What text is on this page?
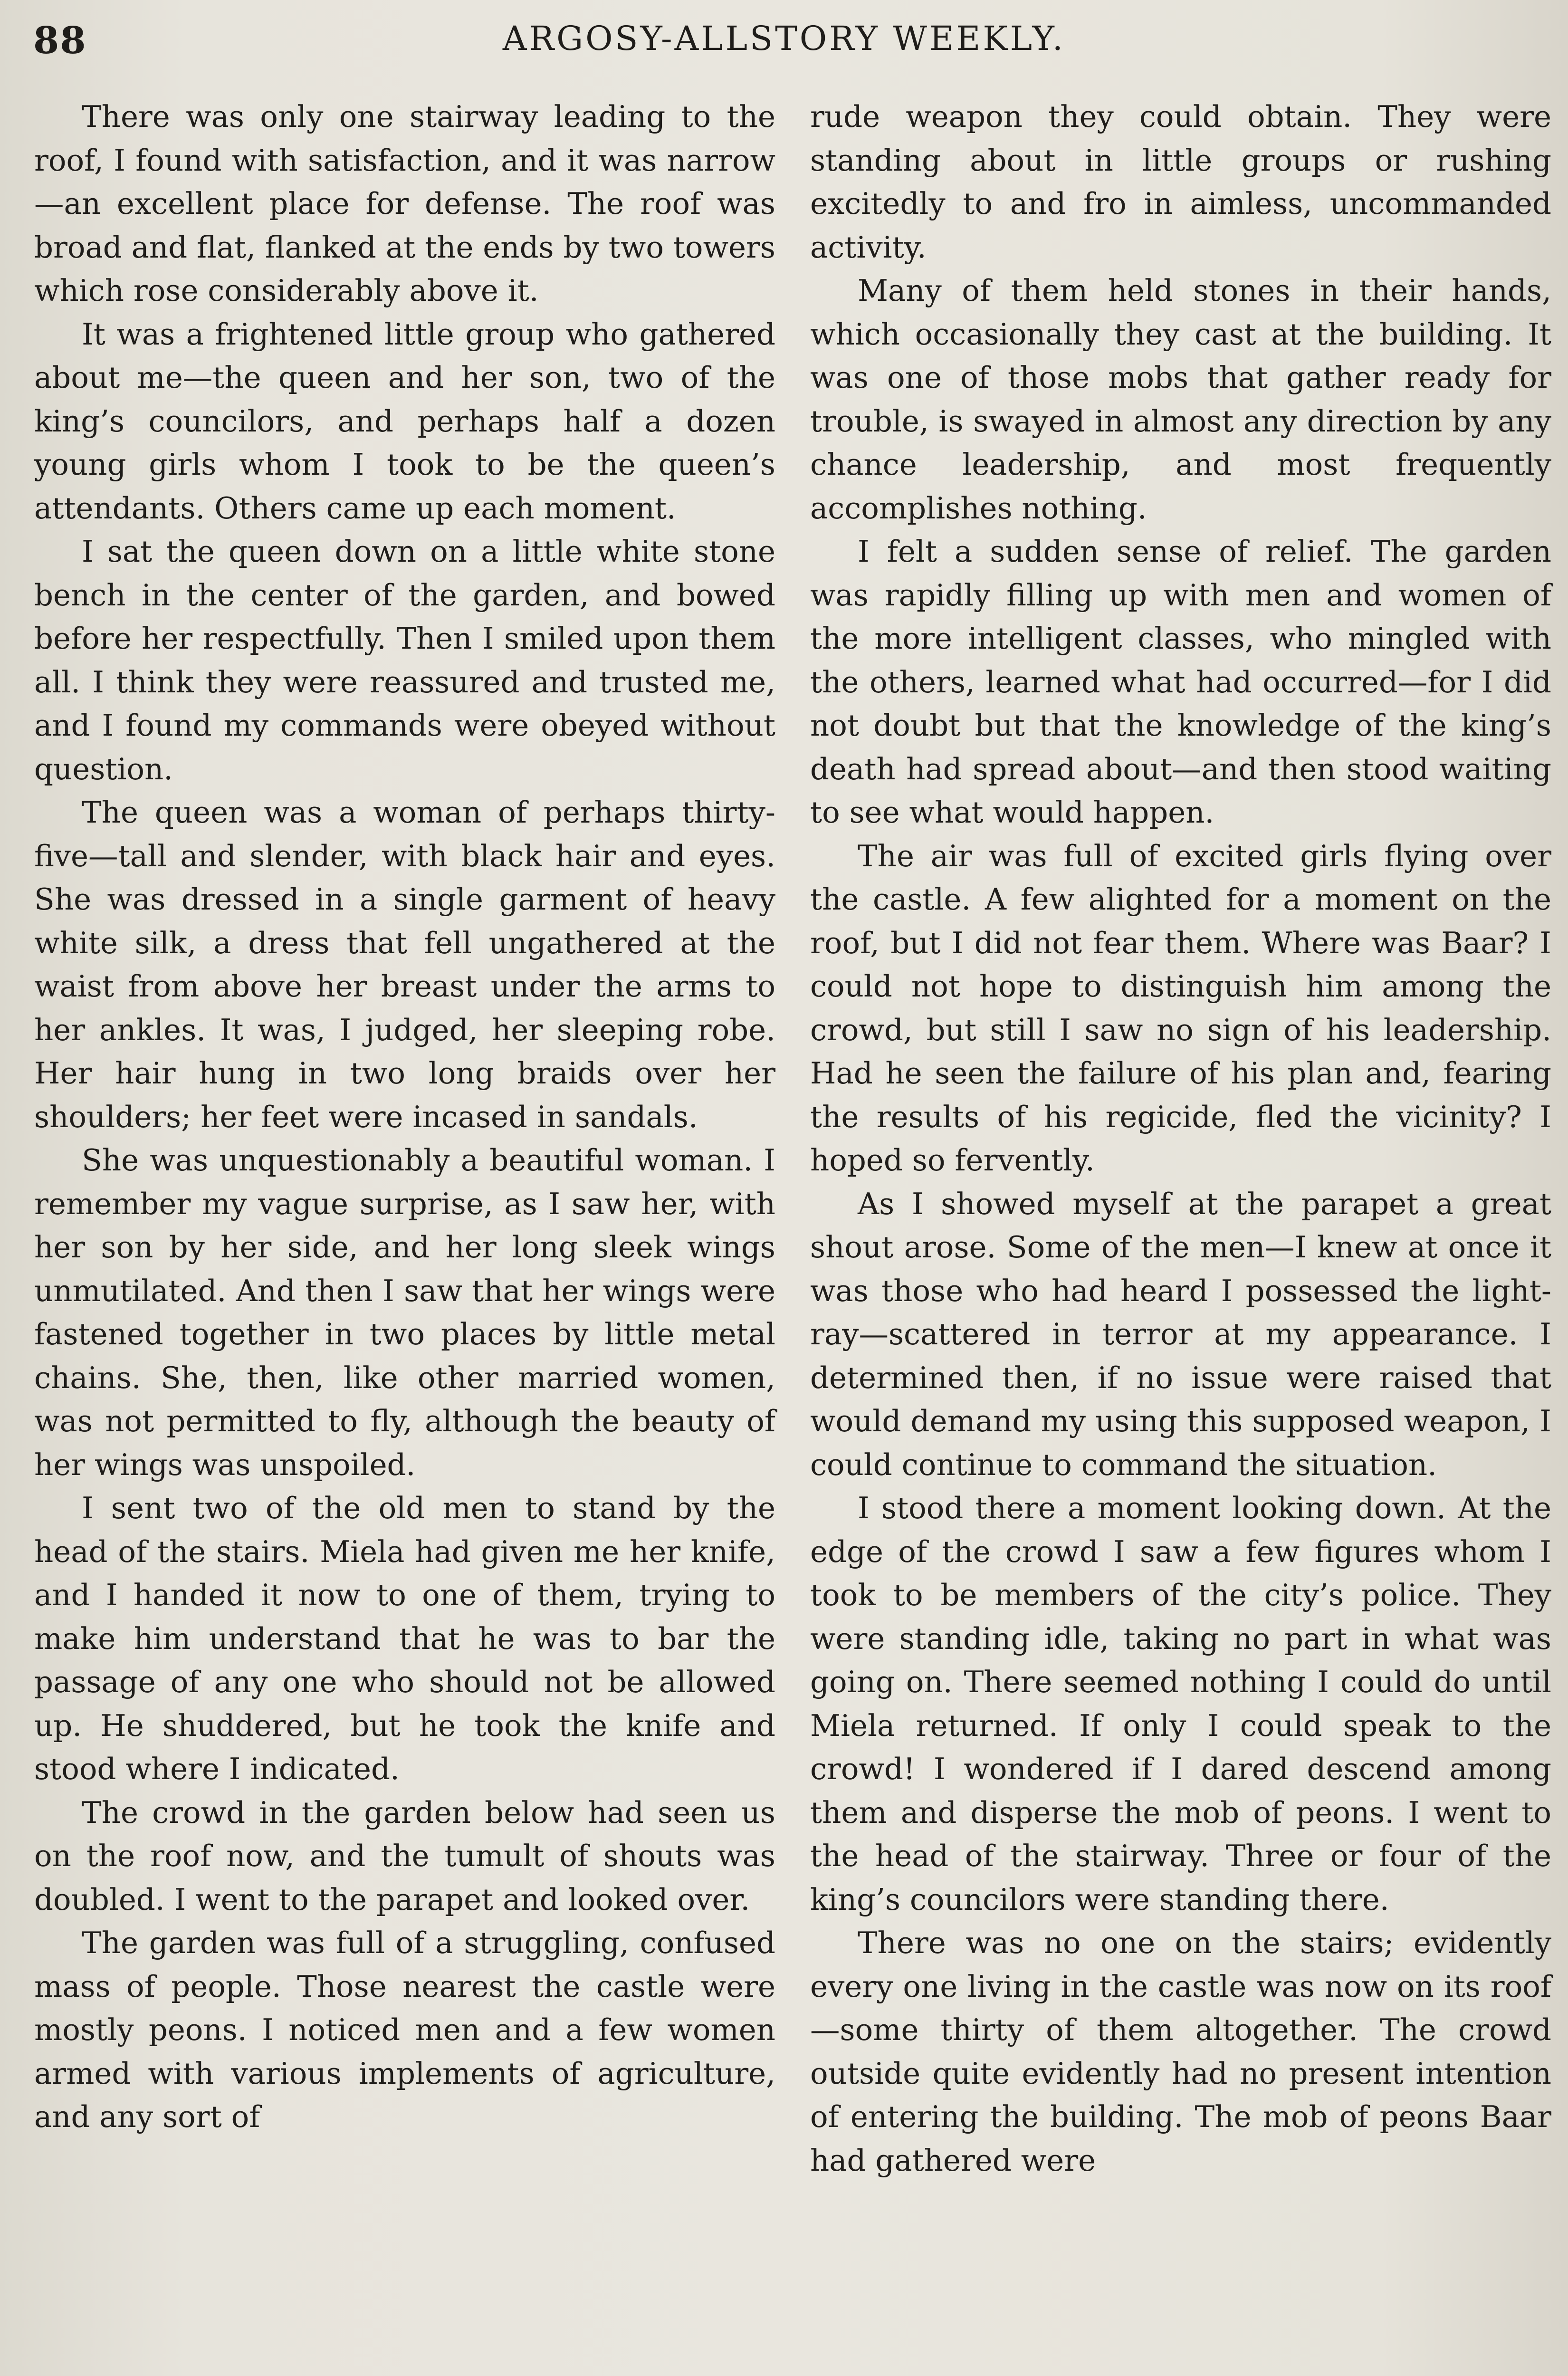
88	ARGOSY-ALLSTORY WEEKLY.

There was only one stairway leading to the roof, I found with satisfaction, and it was narrow—an excellent place for defense. The roof was broad and flat, flanked at the ends by two towers which rose considerably above it.

It was a frightened little group who gathered about me—the queen and her son, two of the king’s councilors, and perhaps half a dozen young girls whom I took to be the queen’s attendants. Others came up each moment.

I sat the queen down on a little white stone bench in the center of the garden, and bowed before her respectfully. Then I smiled upon them all. I think they were reassured and trusted me, and I found my commands were obeyed without question.

The queen was a woman of perhaps thirty-five—tall and slender, with black hair and eyes. She was dressed in a single garment of heavy white silk, a dress that fell ungathered at the waist from above her breast under the arms to her ankles. It was, I judged, her sleeping robe. Her hair hung in two long braids over her shoulders; her feet were incased in sandals.

She was unquestionably a beautiful woman. I remember my vague surprise, as I saw her, with her son by her side, and her long sleek wings unmutilated. And then I saw that her wings were fastened together in two places by little metal chains. She, then, like other married women, was not permitted to fly, although the beauty of her wings was unspoiled.

I sent two of the old men to stand by the head of the stairs. Miela had given me her knife, and I handed it now to one of them, trying to make him understand that he was to bar the passage of any one who should not be allowed up. He shuddered, but he took the knife and stood where I indicated.

The crowd in the garden below had seen us on the roof now, and the tumult of shouts was doubled. I went to the parapet and looked over.

The garden was full of a struggling, confused mass of people. Those nearest the castle were mostly peons. I noticed men and a few women armed with various implements of agriculture, and any sort of

rude weapon they could obtain. They were standing about in little groups or rushing excitedly to and fro in aimless, uncommanded activity.

Many of them held stones in their hands, which occasionally they cast at the building. It was one of those mobs that gather ready for trouble, is swayed in almost any direction by any chance leadership, and most frequently accomplishes nothing.

I felt a sudden sense of relief. The garden was rapidly filling up with men and women of the more intelligent classes, who mingled with the others, learned what had occurred—for I did not doubt but that the knowledge of the king’s death had spread about—and then stood waiting to see what would happen.

The air was full of excited girls flying over the castle. A few alighted for a moment on the roof, but I did not fear them. Where was Baar? I could not hope to distinguish him among the crowd, but still I saw no sign of his leadership. Had he seen the failure of his plan and, fearing the results of his regicide, fled the vicinity? I hoped so fervently.

As I showed myself at the parapet a great shout arose. Some of the men—I knew at once it was those who had heard I possessed the light-ray—scattered in terror at my appearance. I determined then, if no issue were raised that would demand my using this supposed weapon, I could continue to command the situation.

I stood there a moment looking down. At the edge of the crowd I saw a few figures whom I took to be members of the city’s police. They were standing idle, taking no part in what was going on. There seemed nothing I could do until Miela returned. If only I could speak to the crowd! I wondered if I dared descend among them and disperse the mob of peons. I went to the head of the stairway. Three or four of the king’s councilors were standing there.

There was no one on the stairs; evidently every one living in the castle was now on its roof—some thirty of them altogether. The crowd outside quite evidently had no present intention of entering the building. The mob of peons Baar had gathered were
